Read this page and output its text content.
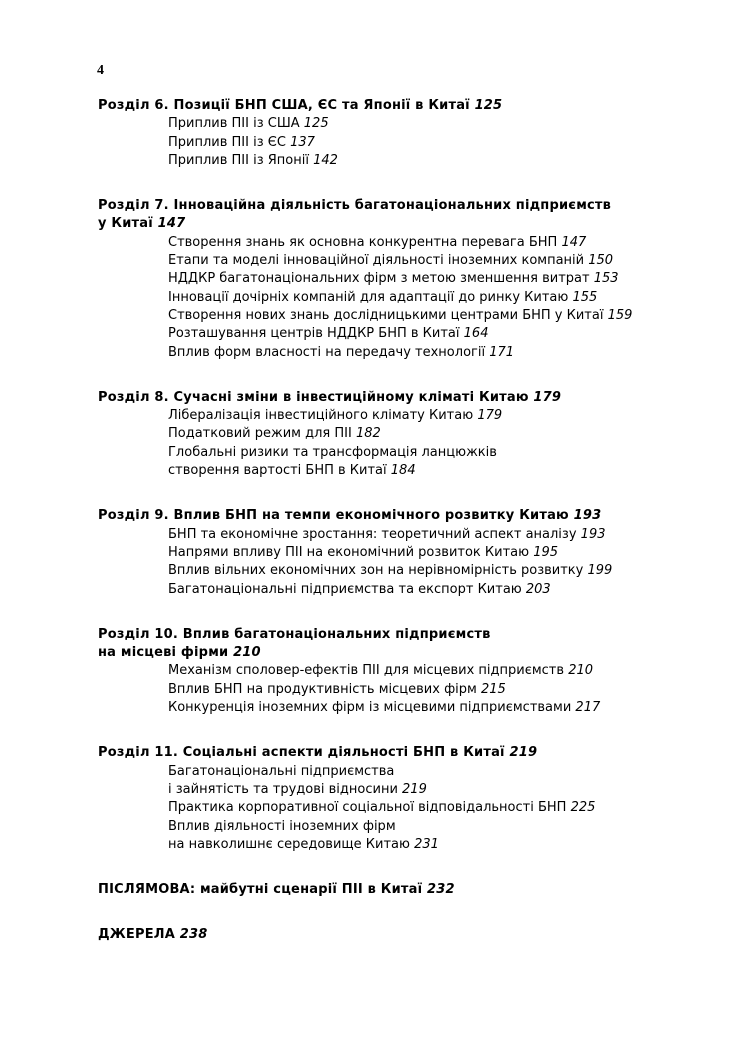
4
Розділ 6. Позиції БНП США, ЄС та Японії в Китаї 125
Приплив ПІІ із США 125
Приплив ПІІ із ЄС 137
Приплив ПІІ із Японії 142
Розділ 7. Інноваційна діяльність багатонаціональних підприємств
у Китаї 147
Створення знань як основна конкурентна перевага БНП 147
Етапи та моделі інноваційної діяльності іноземних компаній 150
НДДКР багатонаціональних фірм з метою зменшення витрат 153
Інновації дочірніх компаній для адаптації до ринку Китаю 155
Створення нових знань дослідницькими центрами БНП у Китаї 159
Розташування центрів НДДКР БНП в Китаї 164
Вплив форм власності на передачу технології 171
Розділ 8. Сучасні зміни в інвестиційному кліматі Китаю 179
Лібералізація інвестиційного клімату Китаю 179
Податковий режим для ПІІ 182
Глобальні ризики та трансформація ланцюжків
створення вартості БНП в Китаї 184
Розділ 9. Вплив БНП на темпи економічного розвитку Китаю 193
БНП та економічне зростання: теоретичний аспект аналізу 193
Напрями впливу ПІІ на економічний розвиток Китаю 195
Вплив вільних економічних зон на нерівномірність розвитку 199
Багатонаціональні підприємства та експорт Китаю 203
Розділ 10. Вплив багатонаціональних підприємств
на місцеві фірми 210
Механізм споловер-ефектів ПІІ для місцевих підприємств 210
Вплив БНП на продуктивність місцевих фірм 215
Конкуренція іноземних фірм із місцевими підприємствами 217
Розділ 11. Соціальні аспекти діяльності БНП в Китаї 219
Багатонаціональні підприємства
і зайнятість та трудові відносини 219
Практика корпоративної соціальної відповідальності БНП 225
Вплив діяльності іноземних фірм
на навколишнє середовище Китаю 231
ПІСЛЯМОВА: майбутні сценарії ПІІ в Китаї 232
ДЖЕРЕЛА 238
